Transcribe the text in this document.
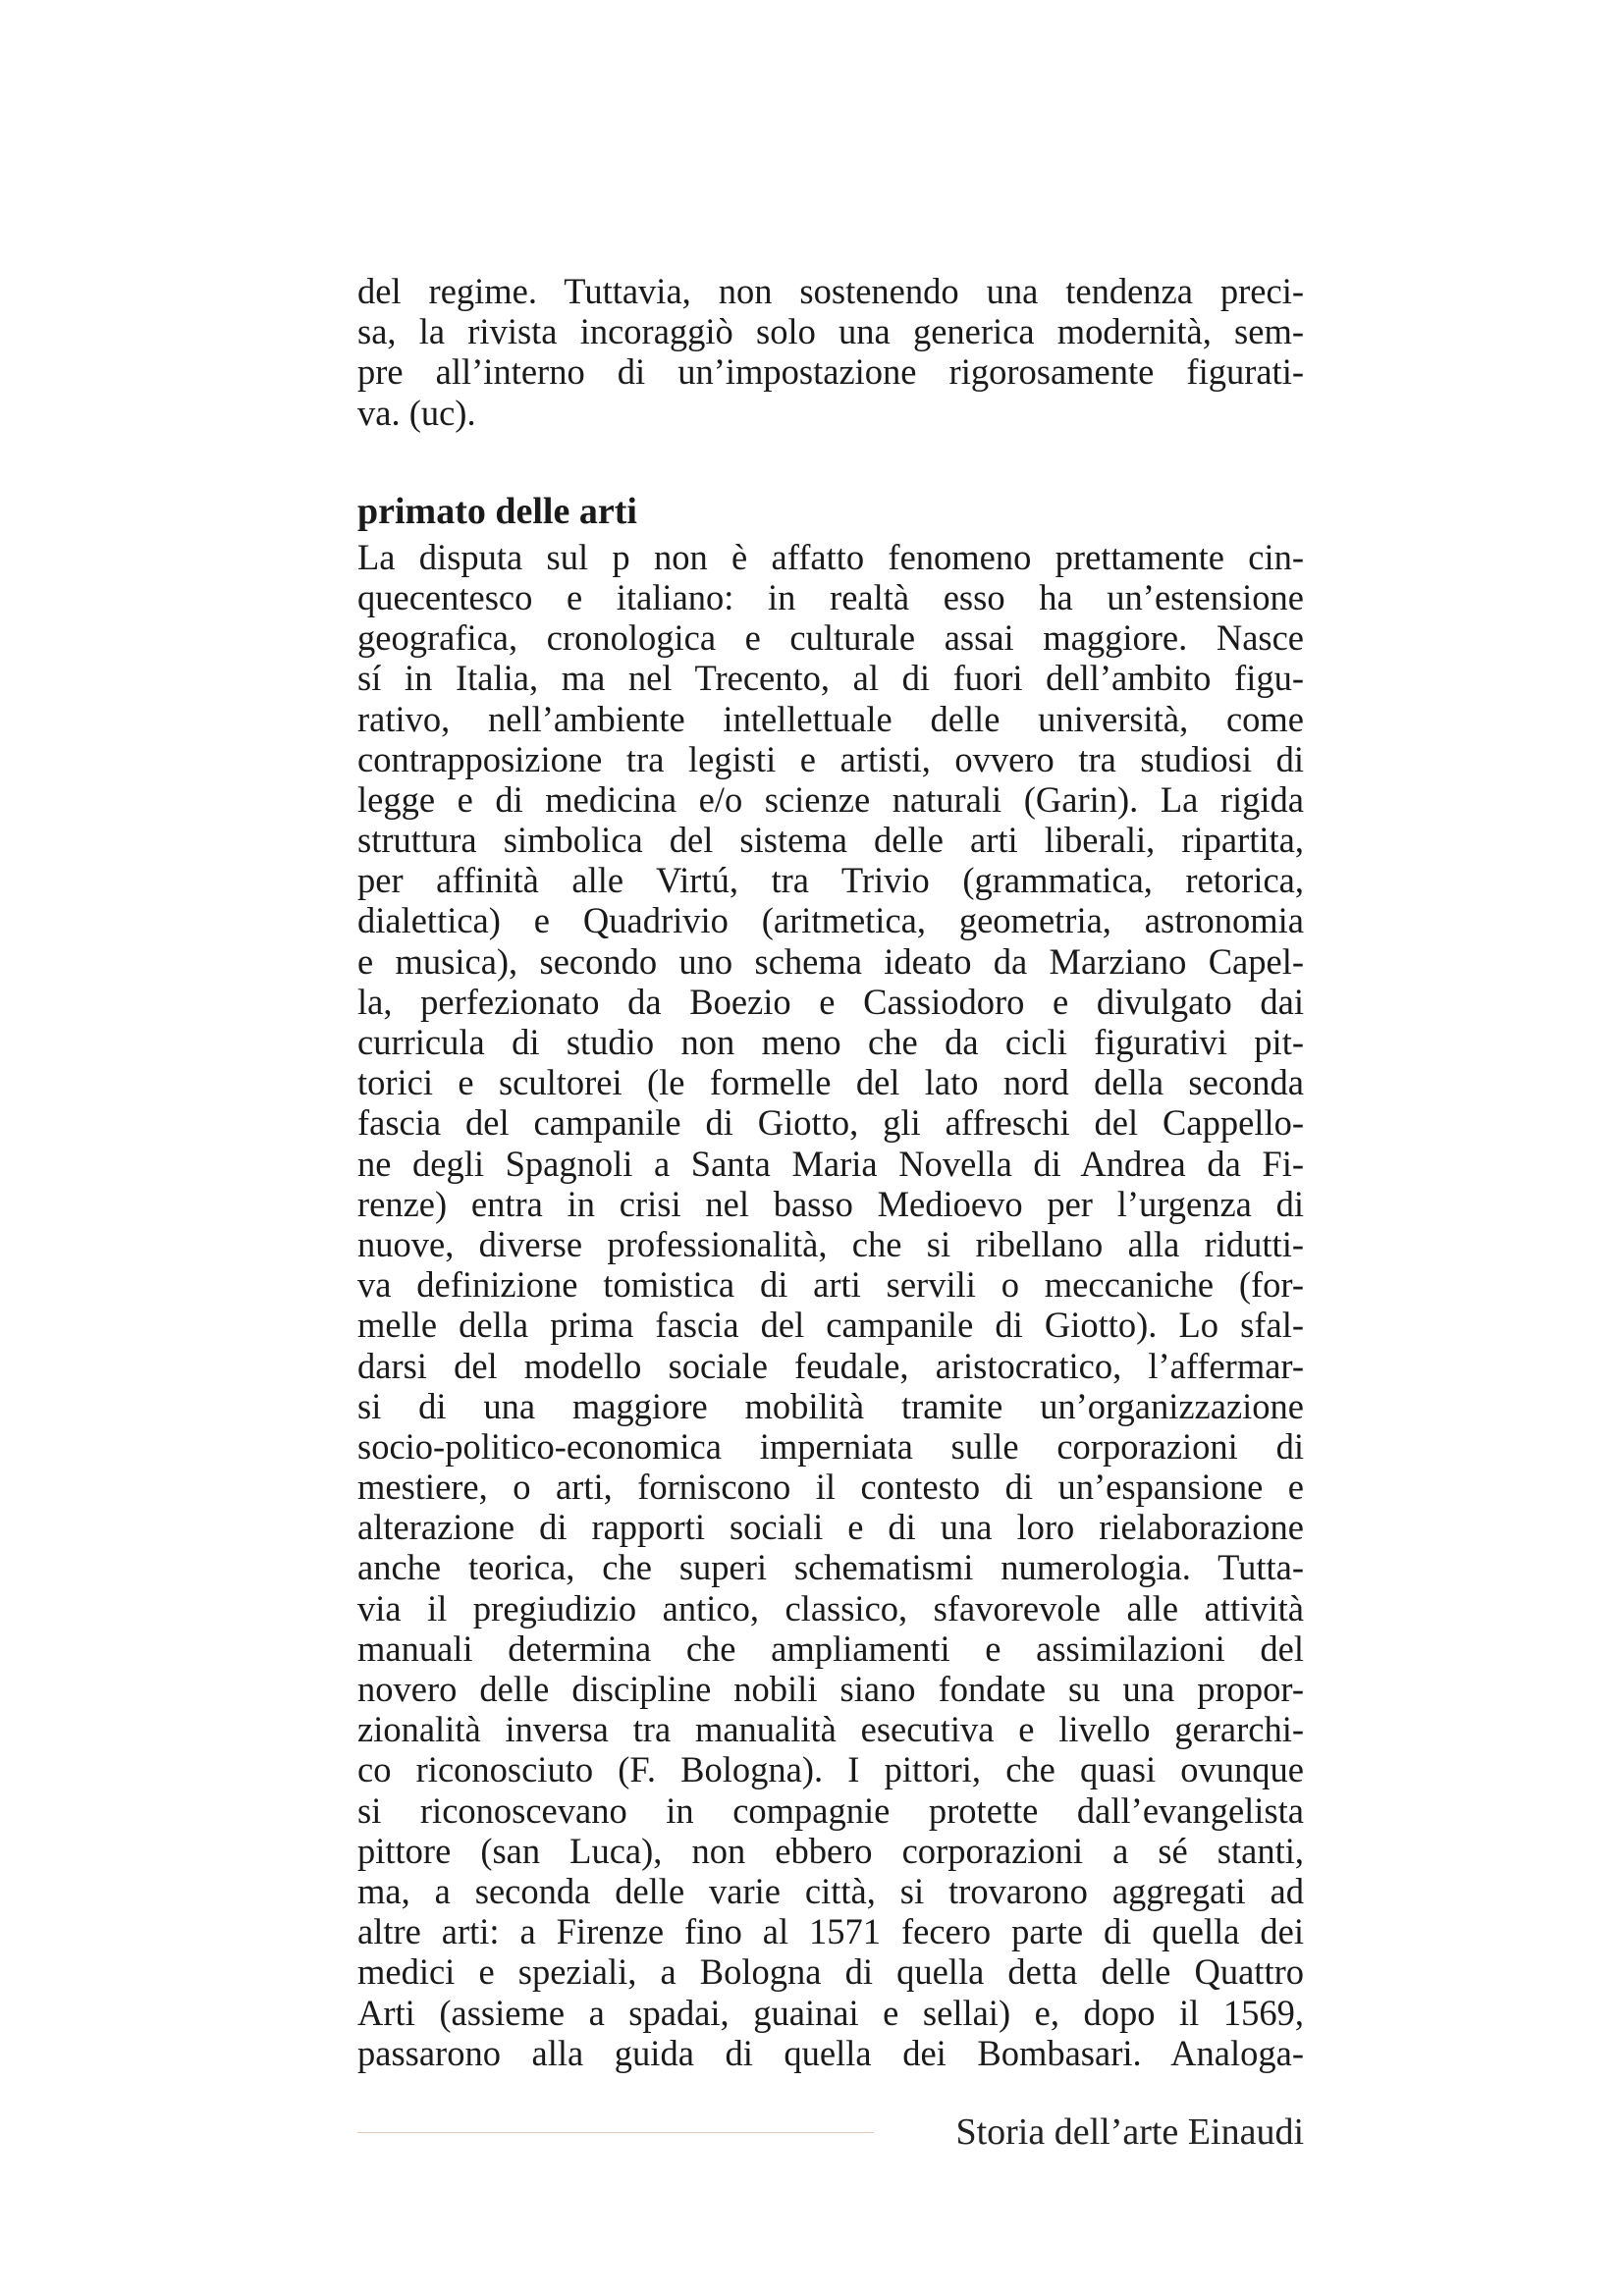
del regime. Tuttavia, non sostenendo una tendenza preci-
sa, la rivista incoraggiò solo una generica modernità, sem-
pre all’interno di un’impostazione rigorosamente figurati-
va. (uc).
primato delle arti
La disputa sul p non è affatto fenomeno prettamente cin-
quecentesco e italiano: in realtà esso ha un’estensione
geografica, cronologica e culturale assai maggiore. Nasce
sí in Italia, ma nel Trecento, al di fuori dell’ambito figu-
rativo, nell’ambiente intellettuale delle università, come
contrapposizione tra legisti e artisti, ovvero tra studiosi di
legge e di medicina e/o scienze naturali (Garin). La rigida
struttura simbolica del sistema delle arti liberali, ripartita,
per affinità alle Virtú, tra Trivio (grammatica, retorica,
dialettica) e Quadrivio (aritmetica, geometria, astronomia
e musica), secondo uno schema ideato da Marziano Capel-
la, perfezionato da Boezio e Cassiodoro e divulgato dai
curricula di studio non meno che da cicli figurativi pit-
torici e scultorei (le formelle del lato nord della seconda
fascia del campanile di Giotto, gli affreschi del Cappello-
ne degli Spagnoli a Santa Maria Novella di Andrea da Fi-
renze) entra in crisi nel basso Medioevo per l’urgenza di
nuove, diverse professionalità, che si ribellano alla ridutti-
va definizione tomistica di arti servili o meccaniche (for-
melle della prima fascia del campanile di Giotto). Lo sfal-
darsi del modello sociale feudale, aristocratico, l’affermar-
si di una maggiore mobilità tramite un’organizzazione
socio-politico-economica imperniata sulle corporazioni di
mestiere, o arti, forniscono il contesto di un’espansione e
alterazione di rapporti sociali e di una loro rielaborazione
anche teorica, che superi schematismi numerologia. Tutta-
via il pregiudizio antico, classico, sfavorevole alle attività
manuali determina che ampliamenti e assimilazioni del
novero delle discipline nobili siano fondate su una propor-
zionalità inversa tra manualità esecutiva e livello gerarchi-
co riconosciuto (F. Bologna). I pittori, che quasi ovunque
si riconoscevano in compagnie protette dall’evangelista
pittore (san Luca), non ebbero corporazioni a sé stanti,
ma, a seconda delle varie città, si trovarono aggregati ad
altre arti: a Firenze fino al 1571 fecero parte di quella dei
medici e speziali, a Bologna di quella detta delle Quattro
Arti (assieme a spadai, guainai e sellai) e, dopo il 1569,
passarono alla guida di quella dei Bombasari. Analoga-
Storia dell’arte Einaudi
